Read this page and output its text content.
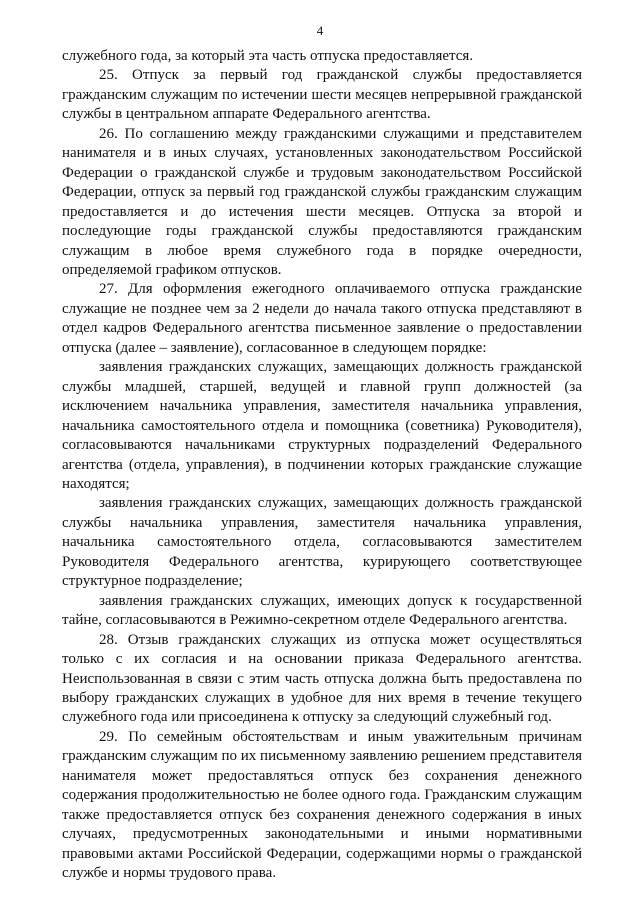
4

служебного года, за который эта часть отпуска предоставляется.

25. Отпуск за первый год гражданской службы предоставляется гражданским служащим по истечении шести месяцев непрерывной гражданской службы в центральном аппарате Федерального агентства.

26. По соглашению между гражданскими служащими и представителем нанимателя и в иных случаях, установленных законодательством Российской Федерации о гражданской службе и трудовым законодательством Российской Федерации, отпуск за первый год гражданской службы гражданским служащим предоставляется и до истечения шести месяцев. Отпуска за второй и последующие годы гражданской службы предоставляются гражданским служащим в любое время служебного года в порядке очередности, определяемой графиком отпусков.

27. Для оформления ежегодного оплачиваемого отпуска гражданские служащие не позднее чем за 2 недели до начала такого отпуска представляют в отдел кадров Федерального агентства письменное заявление о предоставлении отпуска (далее – заявление), согласованное в следующем порядке:

заявления гражданских служащих, замещающих должность гражданской службы младшей, старшей, ведущей и главной групп должностей (за исключением начальника управления, заместителя начальника управления, начальника самостоятельного отдела и помощника (советника) Руководителя), согласовываются начальниками структурных подразделений Федерального агентства (отдела, управления), в подчинении которых гражданские служащие находятся;

заявления гражданских служащих, замещающих должность гражданской службы начальника управления, заместителя начальника управления, начальника самостоятельного отдела, согласовываются заместителем Руководителя Федерального агентства, курирующего соответствующее структурное подразделение;

заявления гражданских служащих, имеющих допуск к государственной тайне, согласовываются в Режимно-секретном отделе Федерального агентства.

28. Отзыв гражданских служащих из отпуска может осуществляться только с их согласия и на основании приказа Федерального агентства. Неиспользованная в связи с этим часть отпуска должна быть предоставлена по выбору гражданских служащих в удобное для них время в течение текущего служебного года или присоединена к отпуску за следующий служебный год.

29. По семейным обстоятельствам и иным уважительным причинам гражданским служащим по их письменному заявлению решением представителя нанимателя может предоставляться отпуск без сохранения денежного содержания продолжительностью не более одного года. Гражданским служащим также предоставляется отпуск без сохранения денежного содержания в иных случаях, предусмотренных законодательными и иными нормативными правовыми актами Российской Федерации, содержащими нормы о гражданской службе и нормы трудового права.
